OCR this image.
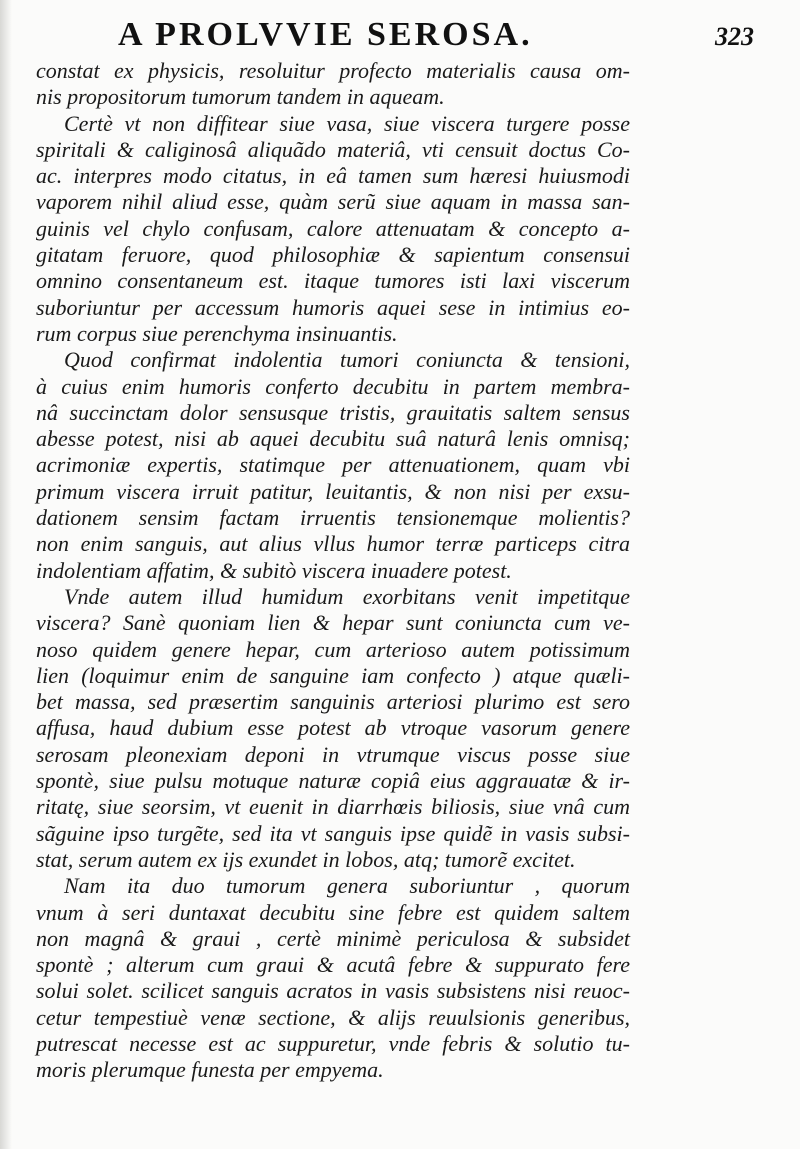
A PROLVVIE SEROSA.	323
constat ex physicis, resoluitur profecto materialis causa om-
nis propositorum tumorum tandem in aqueam.
Certè vt non diffitear siue vasa, siue viscera turgere posse
spiritali & caliginosâ aliquãdo materiâ, vti censuit doctus Co-
ac. interpres modo citatus, in eâ tamen sum hæresi huiusmodi
vaporem nihil aliud esse, quàm serũ siue aquam in massa san-
guinis vel chylo confusam, calore attenuatam & concepto a-
gitatam feruore, quod philosophiæ & sapientum consensui
omnino consentaneum est. itaque tumores isti laxi viscerum
suboriuntur per accessum humoris aquei sese in intimius eo-
rum corpus siue perenchyma insinuantis.
Quod confirmat indolentia tumori coniuncta & tensioni,
à cuius enim humoris conferto decubitu in partem membra-
nâ succinctam dolor sensusque tristis, grauitatis saltem sensus
abesse potest, nisi ab aquei decubitu suâ naturâ lenis omnisq;
acrimoniæ expertis, statimque per attenuationem, quam vbi
primum viscera irruit patitur, leuitantis, & non nisi per exsu-
dationem sensim factam irruentis tensionemque molientis?
non enim sanguis, aut alius vllus humor terræ particeps citra
indolentiam affatim, & subitò viscera inuadere potest.
Vnde autem illud humidum exorbitans venit impetitque
viscera? Sanè quoniam lien & hepar sunt coniuncta cum ve-
noso quidem genere hepar, cum arterioso autem potissimum
lien (loquimur enim de sanguine iam confecto ) atque quæli-
bet massa, sed præsertim sanguinis arteriosi plurimo est sero
affusa, haud dubium esse potest ab vtroque vasorum genere
serosam pleonexiam deponi in vtrumque viscus posse siue
spontè, siue pulsu motuque naturæ copiâ eius aggrauatæ & ir-
ritatę, siue seorsim, vt euenit in diarrhœis biliosis, siue vnâ cum
sãguine ipso turgẽte, sed ita vt sanguis ipse quidẽ in vasis subsi-
stat, serum autem ex ijs exundet in lobos, atq; tumorẽ excitet.
Nam ita duo tumorum genera suboriuntur , quorum
vnum à seri duntaxat decubitu sine febre est quidem saltem
non magnâ & graui , certè minimè periculosa & subsidet
spontè ; alterum cum graui & acutâ febre & suppurato fere
solui solet. scilicet sanguis acratos in vasis subsistens nisi reuoc-
cetur tempestiuè venæ sectione, & alijs reuulsionis generibus,
putrescat necesse est ac suppuretur, vnde febris & solutio tu-
moris plerumque funesta per empyema.
